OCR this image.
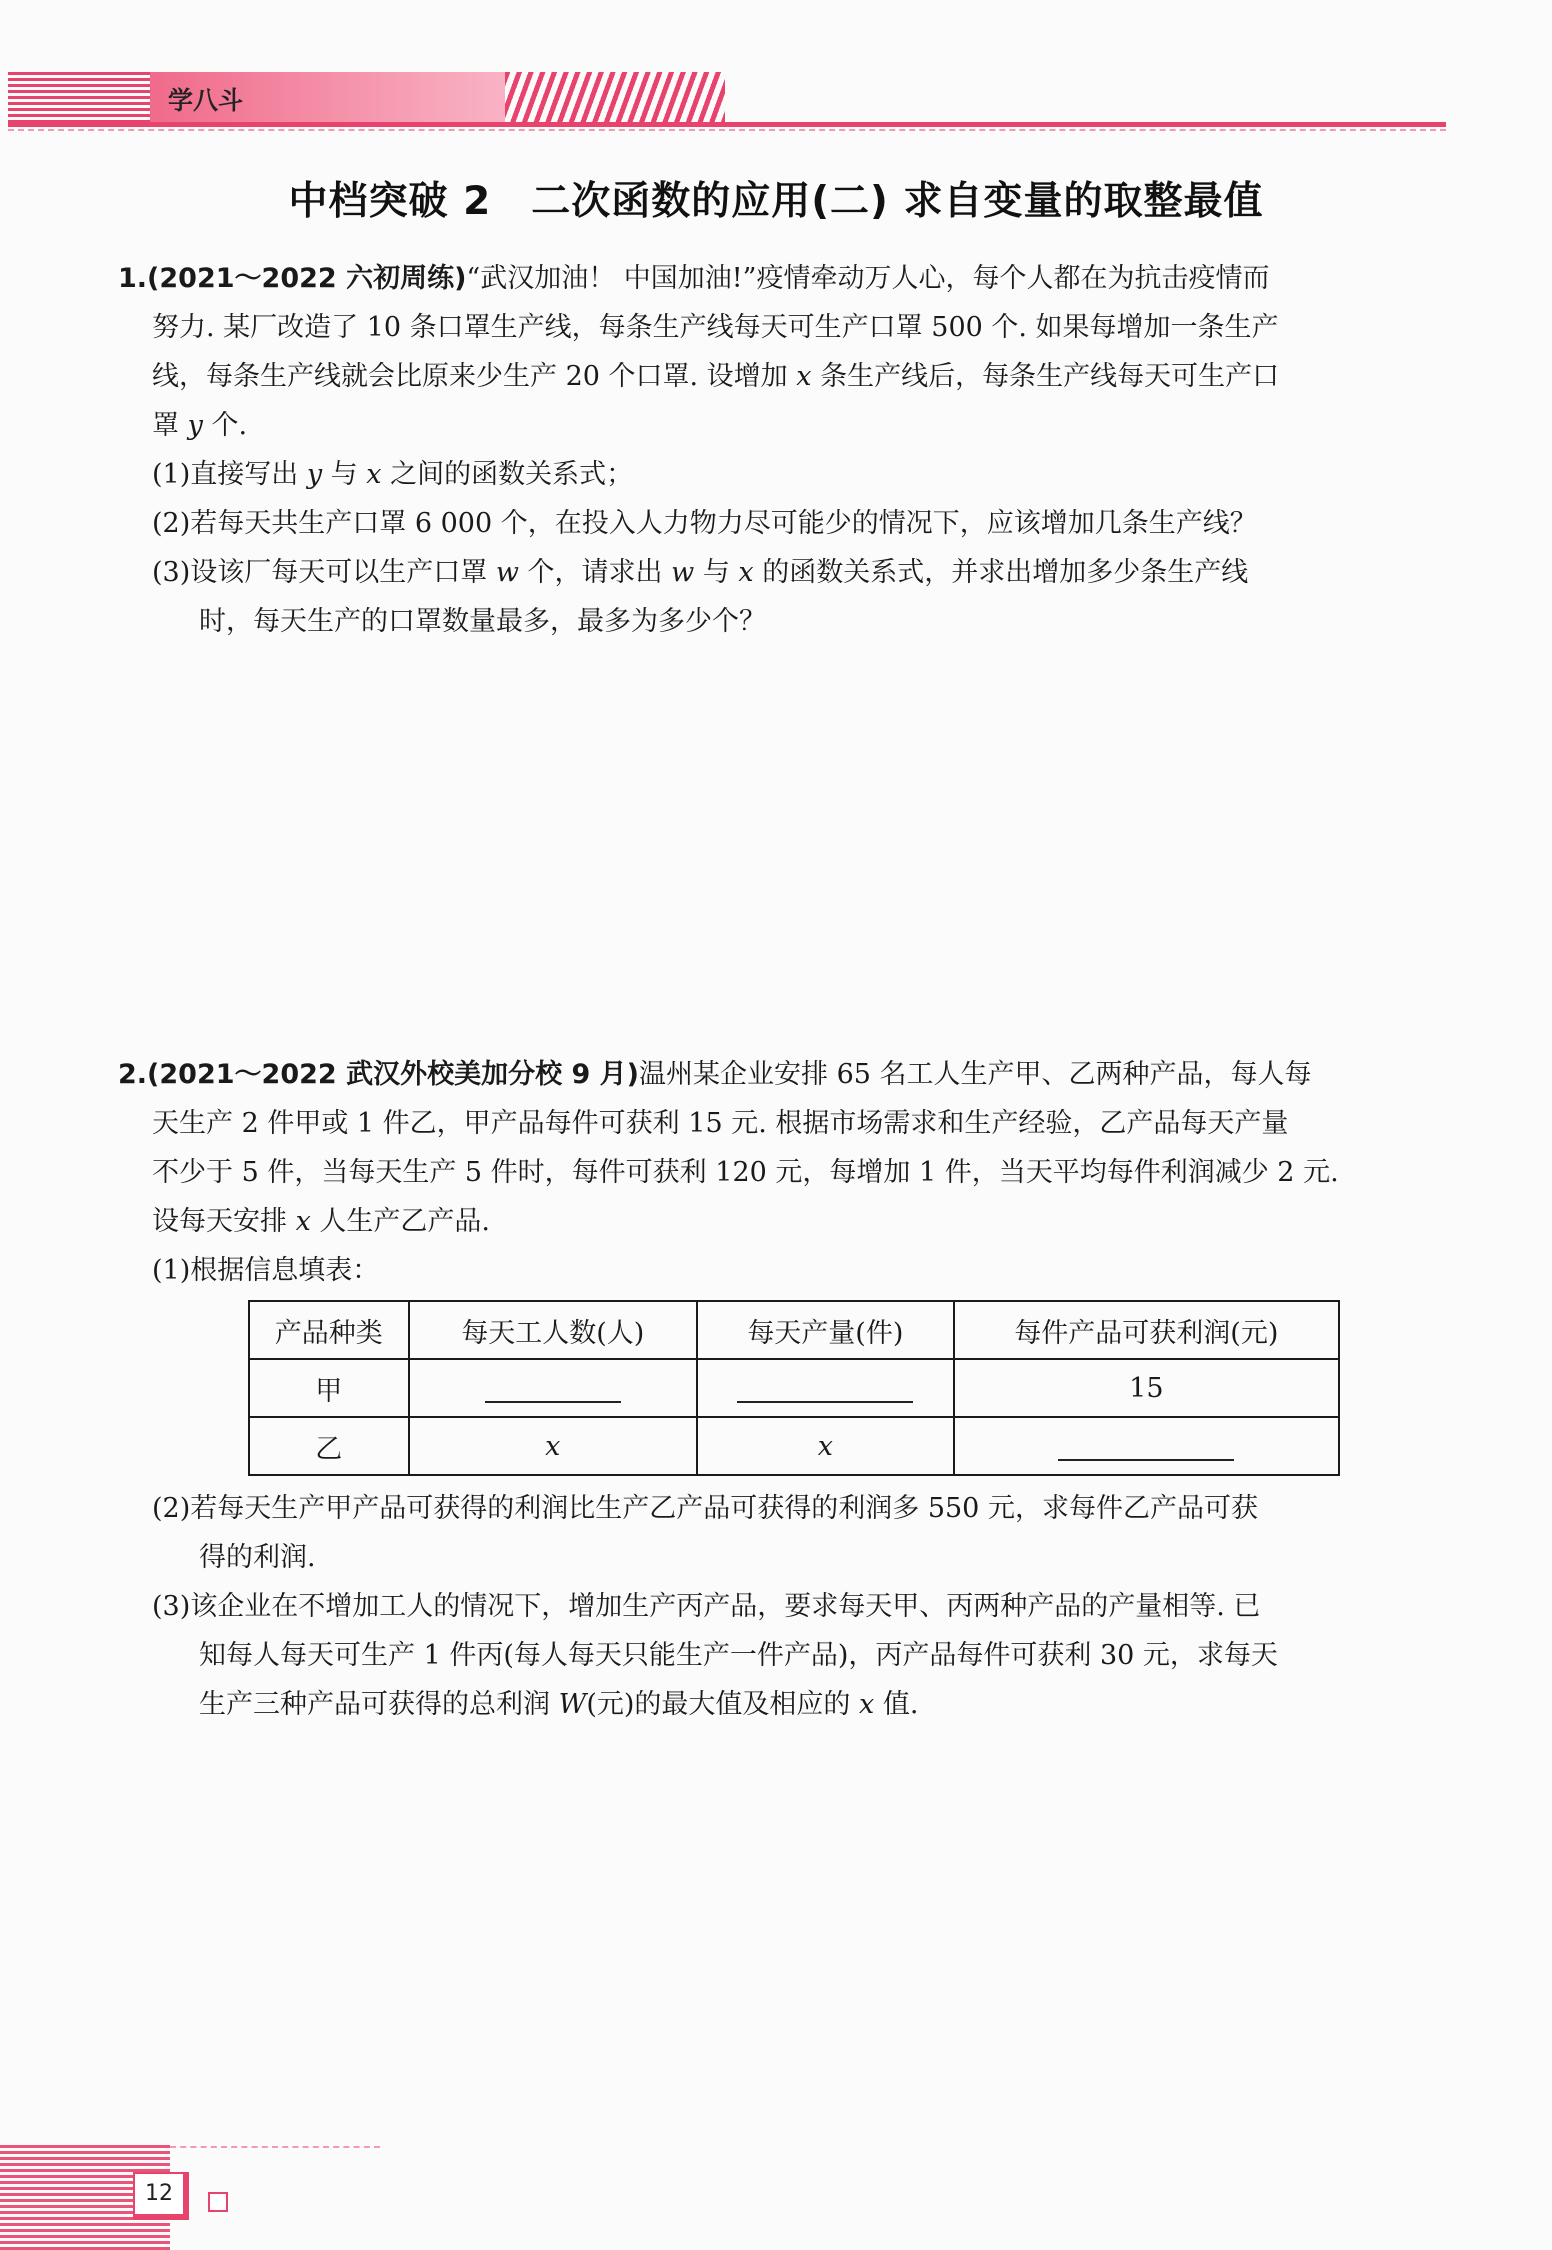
学八斗
中档突破 2　二次函数的应用(二) 求自变量的取整最值

1.(2021～2022 六初周练)“武汉加油！ 中国加油!”疫情牵动万人心，每个人都在为抗击疫情而

努力. 某厂改造了 10 条口罩生产线，每条生产线每天可生产口罩 500 个. 如果每增加一条生产

线，每条生产线就会比原来少生产 20 个口罩. 设增加 x 条生产线后，每条生产线每天可生产口

罩 y 个.

(1)直接写出 y 与 x 之间的函数关系式；

(2)若每天共生产口罩 6 000 个，在投入人力物力尽可能少的情况下，应该增加几条生产线？

(3)设该厂每天可以生产口罩 w 个，请求出 w 与 x 的函数关系式，并求出增加多少条生产线

时，每天生产的口罩数量最多，最多为多少个？

2.(2021～2022 武汉外校美加分校 9 月)温州某企业安排 65 名工人生产甲、乙两种产品，每人每

天生产 2 件甲或 1 件乙，甲产品每件可获利 15 元. 根据市场需求和生产经验，乙产品每天产量

不少于 5 件，当每天生产 5 件时，每件可获利 120 元，每增加 1 件，当天平均每件利润减少 2 元.

设每天安排 x 人生产乙产品.

(1)根据信息填表：

产品种类	每天工人数(人)	每天产量(件)	每件产品可获利润(元)
甲			15
乙	x	x	

(2)若每天生产甲产品可获得的利润比生产乙产品可获得的利润多 550 元，求每件乙产品可获

得的利润.

(3)该企业在不增加工人的情况下，增加生产丙产品，要求每天甲、丙两种产品的产量相等. 已

知每人每天可生产 1 件丙(每人每天只能生产一件产品)，丙产品每件可获利 30 元，求每天

生产三种产品可获得的总利润 W(元)的最大值及相应的 x 值.

12
